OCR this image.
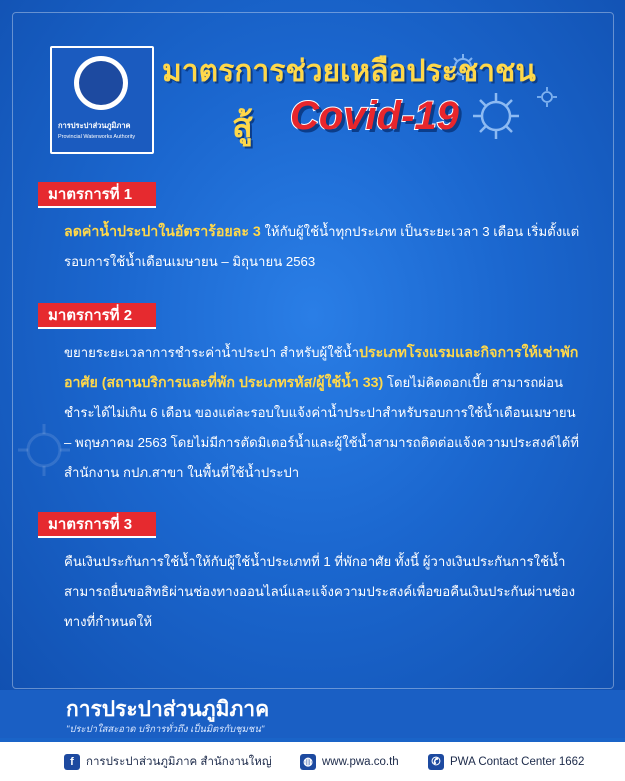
การประปาส่วนภูมิภาค
Provincial Waterworks Authority
มาตรการช่วยเหลือประชาชน
สู้ Covid-19
มาตรการที่ 1
ลดค่าน้ำประปาในอัตราร้อยละ 3 ให้กับผู้ใช้น้ำทุกประเภท เป็นระยะเวลา 3 เดือน เริ่มตั้งแต่รอบการใช้น้ำเดือนเมษายน – มิถุนายน 2563
มาตรการที่ 2
ขยายระยะเวลาการชำระค่าน้ำประปา สำหรับผู้ใช้น้ำประเภทโรงแรมและกิจการให้เช่าพักอาศัย (สถานบริการและที่พัก ประเภทรหัส/ผู้ใช้น้ำ 33) โดยไม่คิดดอกเบี้ย สามารถผ่อนชำระได้ไม่เกิน 6 เดือน ของแต่ละรอบใบแจ้งค่าน้ำประปาสำหรับรอบการใช้น้ำเดือนเมษายน – พฤษภาคม 2563 โดยไม่มีการตัดมิเตอร์น้ำและผู้ใช้น้ำสามารถติดต่อแจ้งความประสงค์ได้ที่สำนักงาน กปภ.สาขา ในพื้นที่ใช้น้ำประปา
มาตรการที่ 3
คืนเงินประกันการใช้น้ำให้กับผู้ใช้น้ำประเภทที่ 1 ที่พักอาศัย ทั้งนี้ ผู้วางเงินประกันการใช้น้ำสามารถยื่นขอสิทธิผ่านช่องทางออนไลน์และแจ้งความประสงค์เพื่อขอคืนเงินประกันผ่านช่องทางที่กำหนดให้
การประปาส่วนภูมิภาค
"ประปาใสสะอาด บริการทั่วถึง เป็นมิตรกับชุมชน"
f	การประปาส่วนภูมิภาค สำนักงานใหญ่	◍ www.pwa.co.th	✆ PWA Contact Center 1662
